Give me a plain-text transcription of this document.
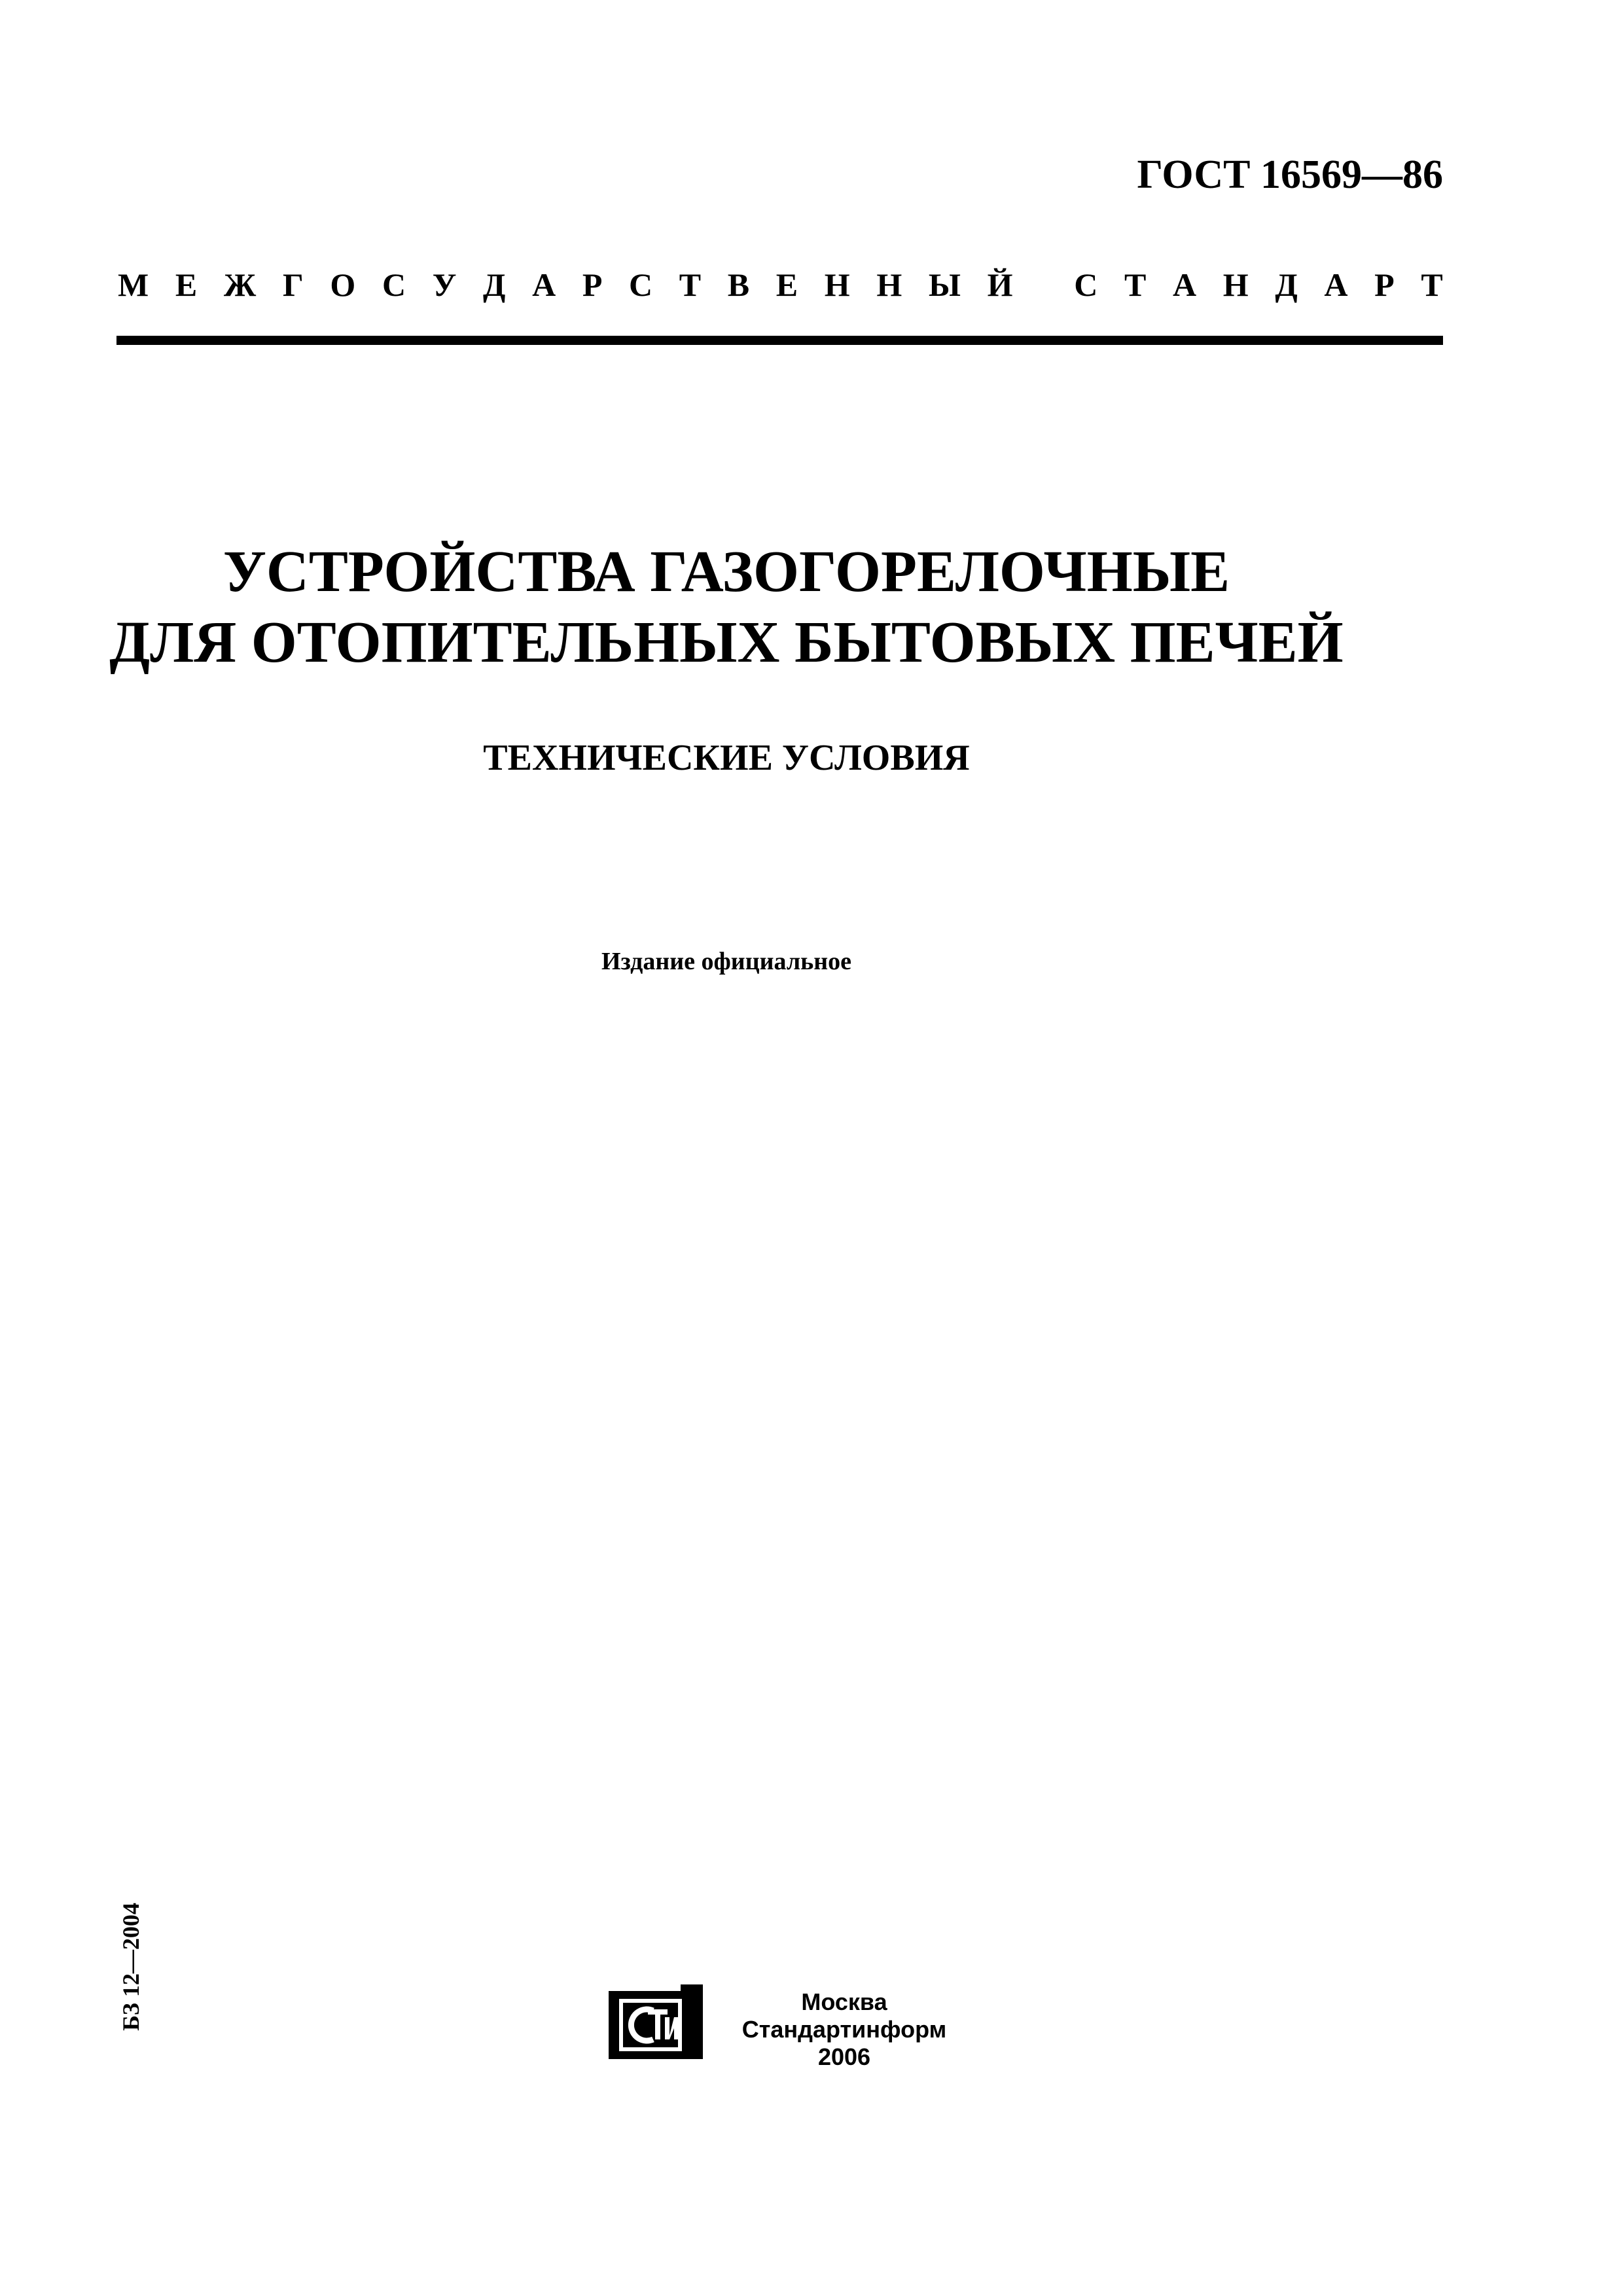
ГОСТ 16569—86
М Е Ж Г О С У Д А Р С Т В Е Н Н Ы Й
С Т А Н Д А Р Т
УСТРОЙСТВА ГАЗОГОРЕЛОЧНЫЕ
ДЛЯ ОТОПИТЕЛЬНЫХ БЫТОВЫХ ПЕЧЕЙ
ТЕХНИЧЕСКИЕ УСЛОВИЯ
Издание официальное
БЗ 12—2004	Москва
Стандартинформ
2006
